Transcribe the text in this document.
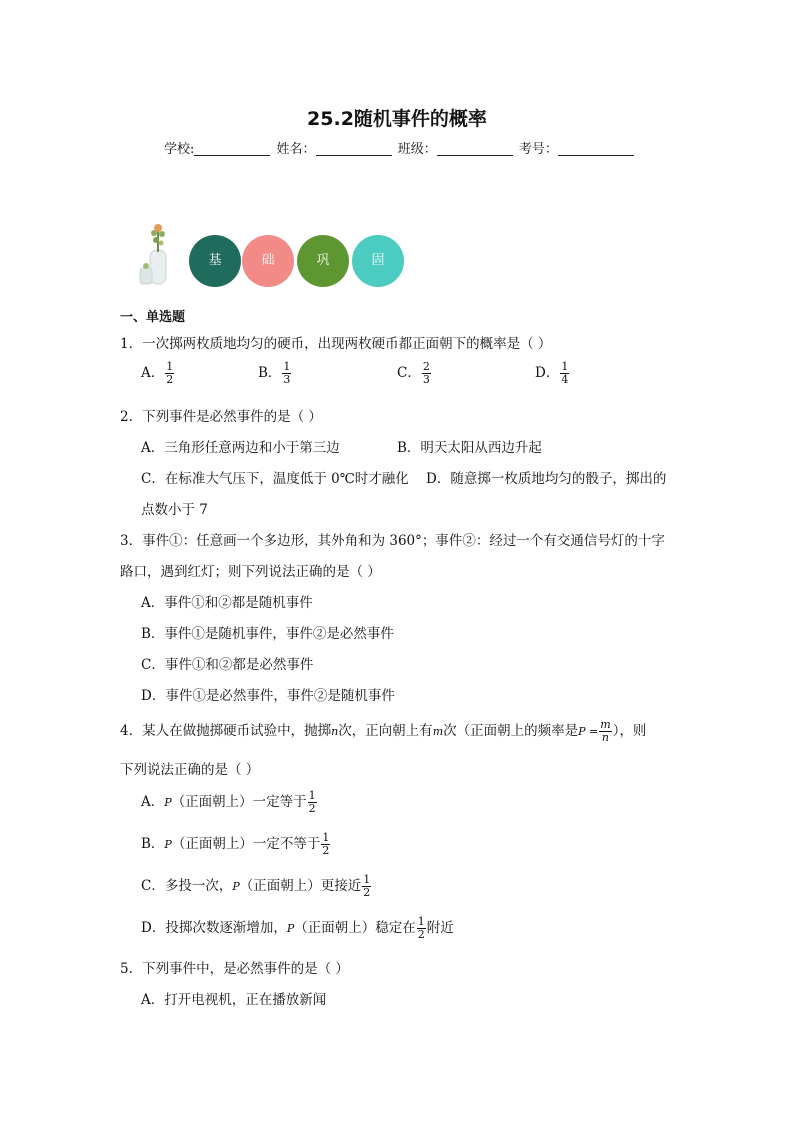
25.2随机事件的概率
学校:	姓名：	班级：	考号：
基	础	巩	固
一、单选题
1．一次掷两枚质地均匀的硬币，出现两枚硬币都正面朝下的概率是（ ）
A． $\frac{1}{2}$	B． $\frac{1}{3}$	C． $\frac{2}{3}$	D． $\frac{1}{4}$
2．下列事件是必然事件的是（ ）
A．三角形任意两边和小于第三边	B．明天太阳从西边升起
C．在标准大气压下，温度低于 0℃时才融化 D．随意掷一枚质地均匀的骰子，掷出的
点数小于 7
3．事件①：任意画一个多边形，其外角和为 360°；事件②：经过一个有交通信号灯的十字
路口，遇到红灯；则下列说法正确的是（ ）
A．事件①和②都是随机事件
B．事件①是随机事件，事件②是必然事件
C．事件①和②都是必然事件
D．事件①是必然事件，事件②是随机事件
4．某人在做抛掷硬币试验中，抛掷n次，正向朝上有m次（正面朝上的频率是$P = \frac{m}{n}$ ），则
下列说法正确的是（ ）
A．P（正面朝上）一定等于 $\frac{1}{2}$
B．P（正面朝上）一定不等于 $\frac{1}{2}$
C．多投一次，P（正面朝上）更接近 $\frac{1}{2}$
D．投掷次数逐渐增加，P（正面朝上）稳定在 $\frac{1}{2}$ 附近
5．下列事件中，是必然事件的是（ ）
A．打开电视机，正在播放新闻
